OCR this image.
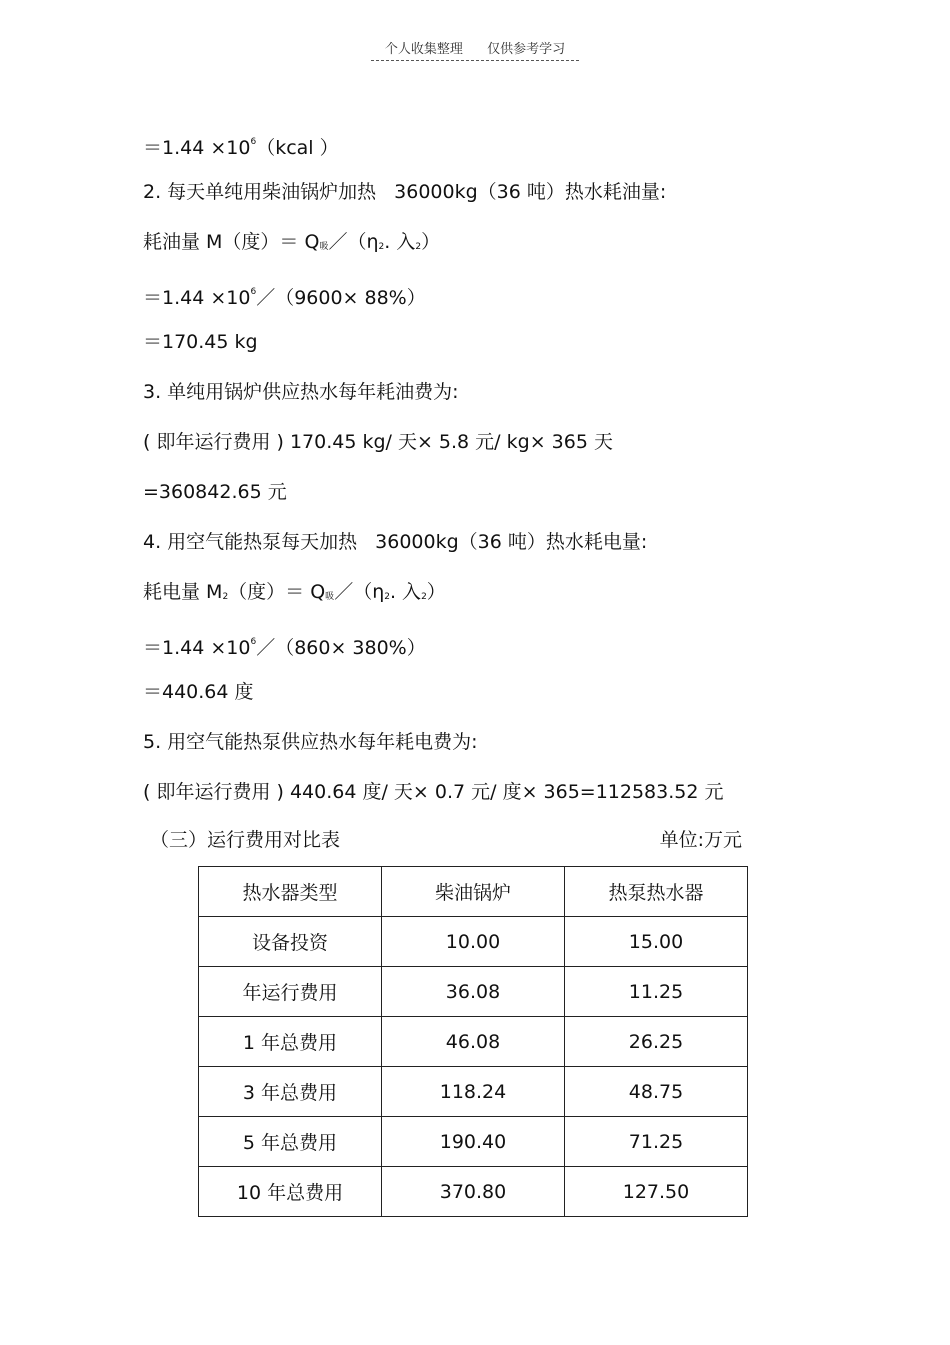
个人收集整理 仅供参考学习
$=1.44 \times 10^6(kcal$ ）
2. 每天单纯用柴油锅炉加热 36000kg（36 吨）热水耗油量:
耗油量 M（度）＝ $Q_吸/(\eta_2$. 入$_2$）
$=1.44 \times 10^6/(9600\times 88\%)$
＝170.45 kg
3. 单纯用锅炉供应热水每年耗油费为:
( 即年运行费用 ) 170.45 kg/ 天× 5.8 元/ kg× 365 天
=360842.65 元
4. 用空气能热泵每天加热 36000kg（36 吨）热水耗电量:
耗电量 $M_2$（度）＝ $Q_吸/(\eta_2$. 入$_2$）
$=1.44 \times 10^6/(860\times 380\%)$
＝440.64 度
5. 用空气能热泵供应热水每年耗电费为:
( 即年运行费用 ) 440.64 度/ 天× 0.7 元/ 度× 365=112583.52 元
（三）运行费用对比表	单位:万元
热水器类型	柴油锅炉	热泵热水器
设备投资	10.00	15.00
年运行费用	36.08	11.25
1 年总费用	46.08	26.25
3 年总费用	118.24	48.75
5 年总费用	190.40	71.25
10 年总费用	370.80	127.50
